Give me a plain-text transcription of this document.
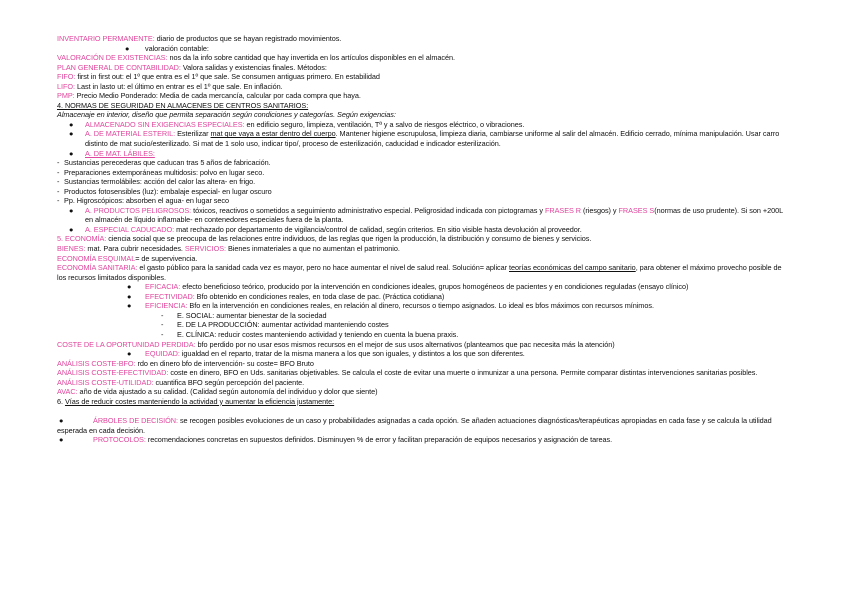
INVENTARIO PERMANENTE: diario de productos que se hayan registrado movimientos.
● valoración contable:
VALORACIÓN DE EXISTENCIAS: nos da la info sobre cantidad que hay invertida en los artículos disponibles en el almacén.
PLAN GENERAL DE CONTABILIDAD: Valora salidas y existencias finales. Métodos:
FIFO: first in first out: el 1º que entra es el 1º que sale. Se consumen antiguas primero. En estabilidad
LIFO: Last in lasto ut: el último en entrar es el 1º que sale. En inflación.
PMP: Precio Medio Ponderado: Media de cada mercancía, calcular por cada compra que haya.
4. NORMAS DE SEGURIDAD EN ALMACENES DE CENTROS SANITARIOS:
Almacenaje en interior, diseño que permita separación según condiciones y categorías. Según exigencias:
● ALMACENADO SIN EXIGENCIAS ESPECIALES: en edificio seguro, limpieza, ventilación, Tª y a salvo de riesgos eléctrico, o vibraciones.
● A. DE MATERIAL ESTERIL: Esterilizar mat que vaya a estar dentro del cuerpo. Mantener higiene escrupulosa, limpieza diaria, cambiarse uniforme al salir del almacén. Edificio cerrado, mínima manipulación. Usar carro distinto de mat sucio/esterilizado. Si mat de 1 solo uso, indicar tipo/, proceso de esterilización, caducidad e indicador esterilización.
● A. DE MAT. LÁBILES:
- Sustancias perecederas que caducan tras 5 años de fabricación.
- Preparaciones extemporáneas multidosis: polvo en lugar seco.
- Sustancias termolábiles: acción del calor las altera- en frigo.
- Productos fotosensibles (luz): embalaje especial- en lugar oscuro
- Pp. Higroscópicos: absorben el agua- en lugar seco
● A. PRODUCTOS PELIGROSOS: tóxicos, reactivos o sometidos a seguimiento administrativo especial. Peligrosidad indicada con pictogramas y FRASES R (riesgos) y FRASES S(normas de uso prudente). Si son +200L en almacén de líquido inflamable- en contenedores especiales fuera de la planta.
● A. ESPECIAL CADUCADO: mat rechazado por departamento de vigilancia/control de calidad, según criterios. En sitio visible hasta devolución al proveedor.
5. ECONOMÍA: ciencia social que se preocupa de las relaciones entre individuos, de las reglas que rigen la producción, la distribución y consumo de bienes y servicios.
BIENES: mat. Para cubrir necesidades. SERVICIOS: Bienes inmateriales a que no aumentan el patrimonio.
ECONOMÍA ESQUIMAL= de supervivencia.
ECONOMÍA SANITARIA: el gasto público para la sanidad cada vez es mayor, pero no hace aumentar el nivel de salud real. Solución= aplicar teorías económicas del campo sanitario, para obtener el máximo provecho posible de los recursos limitados disponibles.
● EFICACIA: efecto beneficioso teórico, producido por la intervención en condiciones ideales, grupos homogéneos de pacientes y en condiciones reguladas (ensayo clínico)
● EFECTIVIDAD: Bfo obtenido en condiciones reales, en toda clase de pac. (Práctica cotidiana)
● EFICIENCIA: Bfo en la intervención en condiciones reales, en relación al dinero, recursos o tiempo asignados. Lo ideal es bfos máximos con recursos mínimos.
- E. SOCIAL: aumentar bienestar de la sociedad
- E. DE LA PRODUCCIÓN: aumentar actividad manteniendo costes
- E. CLÍNICA: reducir costes manteniendo actividad y teniendo en cuenta la buena praxis.
COSTE DE LA OPORTUNIDAD PERDIDA: bfo perdido por no usar esos mismos recursos en el mejor de sus usos alternativos (planteamos que pac necesita más la atención)
● EQUIDAD: igualdad en el reparto, tratar de la misma manera a los que son iguales, y distintos a los que son diferentes.
ANÁLISIS COSTE-BFO: rdo en dinero bfo de intervención- su coste= BFO Bruto
ANÁLISIS COSTE-EFECTIVIDAD: coste en dinero, BFO en Uds. sanitarias objetivables. Se calcula el coste de evitar una muerte o inmunizar a una persona. Permite comparar distintas intervenciones sanitarias posibles.
ANÁLISIS COSTE-UTILIDAD: cuantifica BFO según percepción del paciente.
AVAC: año de vida ajustado a su calidad. (Calidad según autonomía del individuo y dolor que siente)
6. Vías de reducir costes manteniendo la actividad y aumentar la eficiencia justamente:
●	ÁRBOLES DE DECISIÓN: se recogen posibles evoluciones de un caso y probabilidades asignadas a cada opción. Se añaden actuaciones diagnósticas/terapéuticas apropiadas en cada fase y se calcula la utilidad esperada en cada decisión.
●	PROTOCOLOS: recomendaciones concretas en supuestos definidos. Disminuyen % de error y facilitan preparación de equipos necesarios y asignación de tareas.
